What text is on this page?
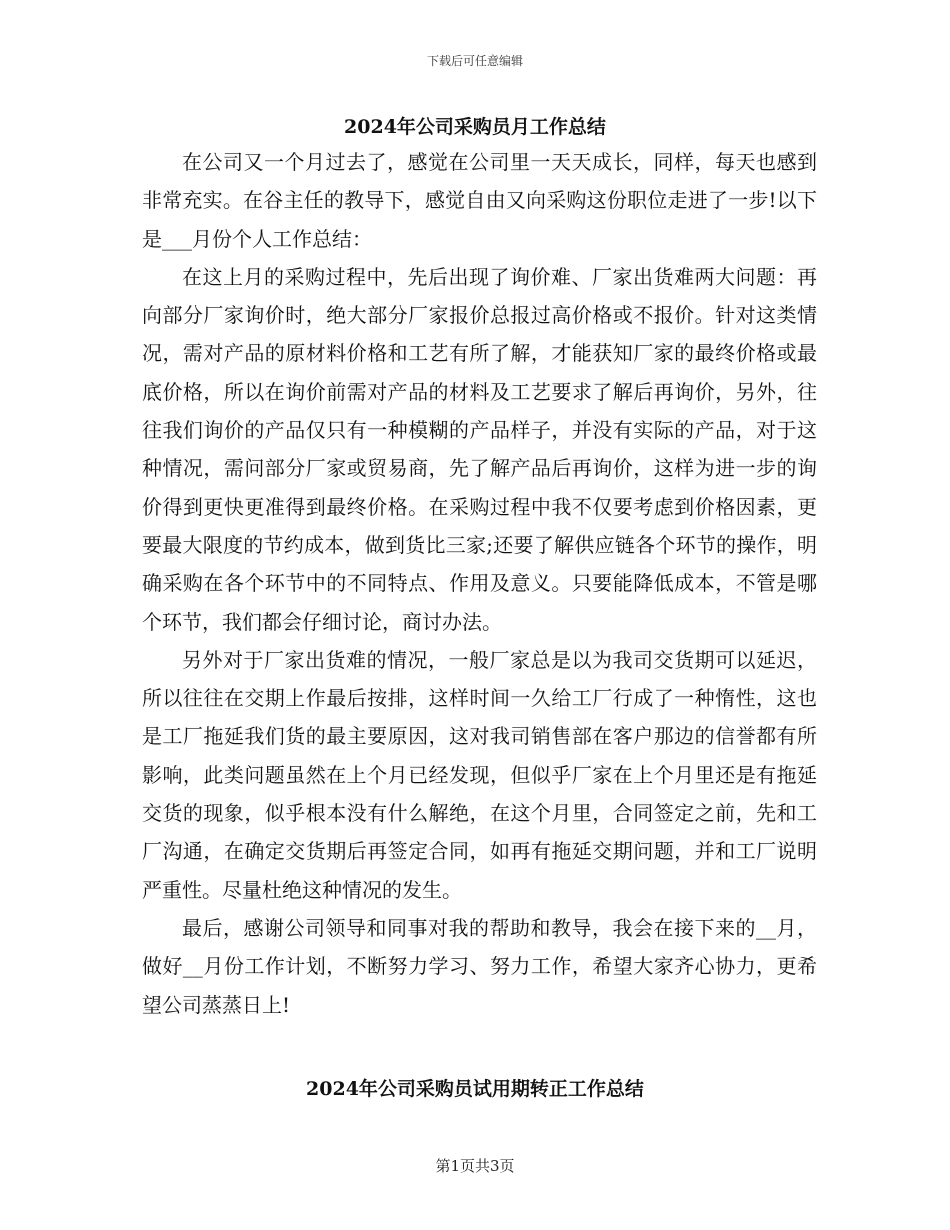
下载后可任意编辑
2024年公司采购员月工作总结

在公司又一个月过去了，感觉在公司里一天天成长，同样，每天也感到非常充实。在谷主任的教导下，感觉自由又向采购这份职位走进了一步!以下是___月份个人工作总结：

在这上月的采购过程中，先后出现了询价难、厂家出货难两大问题：再向部分厂家询价时，绝大部分厂家报价总报过高价格或不报价。针对这类情况，需对产品的原材料价格和工艺有所了解，才能获知厂家的最终价格或最底价格，所以在询价前需对产品的材料及工艺要求了解后再询价，另外，往往我们询价的产品仅只有一种模糊的产品样子，并没有实际的产品，对于这种情况，需问部分厂家或贸易商，先了解产品后再询价，这样为进一步的询价得到更快更准得到最终价格。在采购过程中我不仅要考虑到价格因素，更要最大限度的节约成本，做到货比三家;还要了解供应链各个环节的操作，明确采购在各个环节中的不同特点、作用及意义。只要能降低成本，不管是哪个环节，我们都会仔细讨论，商讨办法。

另外对于厂家出货难的情况，一般厂家总是以为我司交货期可以延迟，所以往往在交期上作最后按排，这样时间一久给工厂行成了一种惰性，这也是工厂拖延我们货的最主要原因，这对我司销售部在客户那边的信誉都有所影响，此类问题虽然在上个月已经发现，但似乎厂家在上个月里还是有拖延交货的现象，似乎根本没有什么解绝，在这个月里，合同签定之前，先和工厂沟通，在确定交货期后再签定合同，如再有拖延交期问题，并和工厂说明严重性。尽量杜绝这种情况的发生。

最后，感谢公司领导和同事对我的帮助和教导，我会在接下来的__月，做好__月份工作计划，不断努力学习、努力工作，希望大家齐心协力，更希望公司蒸蒸日上!

2024年公司采购员试用期转正工作总结
第1页共3页
